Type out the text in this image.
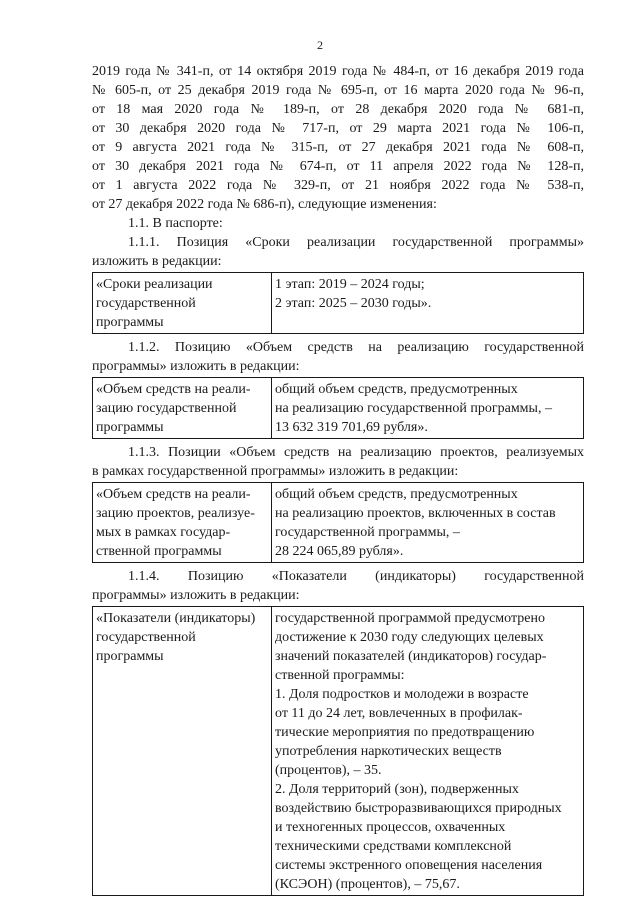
2
2019 года № 341-п, от 14 октября 2019 года № 484-п, от 16 декабря 2019 года
№ 605-п, от 25 декабря 2019 года № 695-п, от 16 марта 2020 года № 96-п,
от 18 мая 2020 года № 189-п, от 28 декабря 2020 года № 681-п,
от 30 декабря 2020 года № 717-п, от 29 марта 2021 года № 106-п,
от 9 августа 2021 года № 315-п, от 27 декабря 2021 года № 608-п,
от 30 декабря 2021 года № 674-п, от 11 апреля 2022 года № 128-п,
от 1 августа 2022 года № 329-п, от 21 ноября 2022 года № 538-п,
от 27 декабря 2022 года № 686-п), следующие изменения:
1.1. В паспорте:
1.1.1. Позиция «Сроки реализации государственной программы»
изложить в редакции:
«Сроки реализации
государственной
программы

1 этап: 2019 – 2024 годы;
2 этап: 2025 – 2030 годы».
1.1.2. Позицию «Объем средств на реализацию государственной
программы» изложить в редакции:
«Объем средств на реали-
зацию государственной
программы

общий объем средств, предусмотренных
на реализацию государственной программы, –
13 632 319 701,69 рубля».
1.1.3. Позиции «Объем средств на реализацию проектов, реализуемых
в рамках государственной программы» изложить в редакции:
«Объем средств на реали-
зацию проектов, реализуе-
мых в рамках государ-
ственной программы

общий объем средств, предусмотренных
на реализацию проектов, включенных в состав
государственной программы, –
28 224 065,89 рубля».
1.1.4. Позицию «Показатели (индикаторы) государственной
программы» изложить в редакции:
«Показатели (индикаторы)
государственной
программы

государственной программой предусмотрено
достижение к 2030 году следующих целевых
значений показателей (индикаторов) государ-
ственной программы:
1. Доля подростков и молодежи в возрасте
от 11 до 24 лет, вовлеченных в профилак-
тические мероприятия по предотвращению
употребления наркотических веществ
(процентов), – 35.
2. Доля территорий (зон), подверженных
воздействию быстроразвивающихся природных
и техногенных процессов, охваченных
техническими средствами комплексной
системы экстренного оповещения населения
(КСЭОН) (процентов), – 75,67.
